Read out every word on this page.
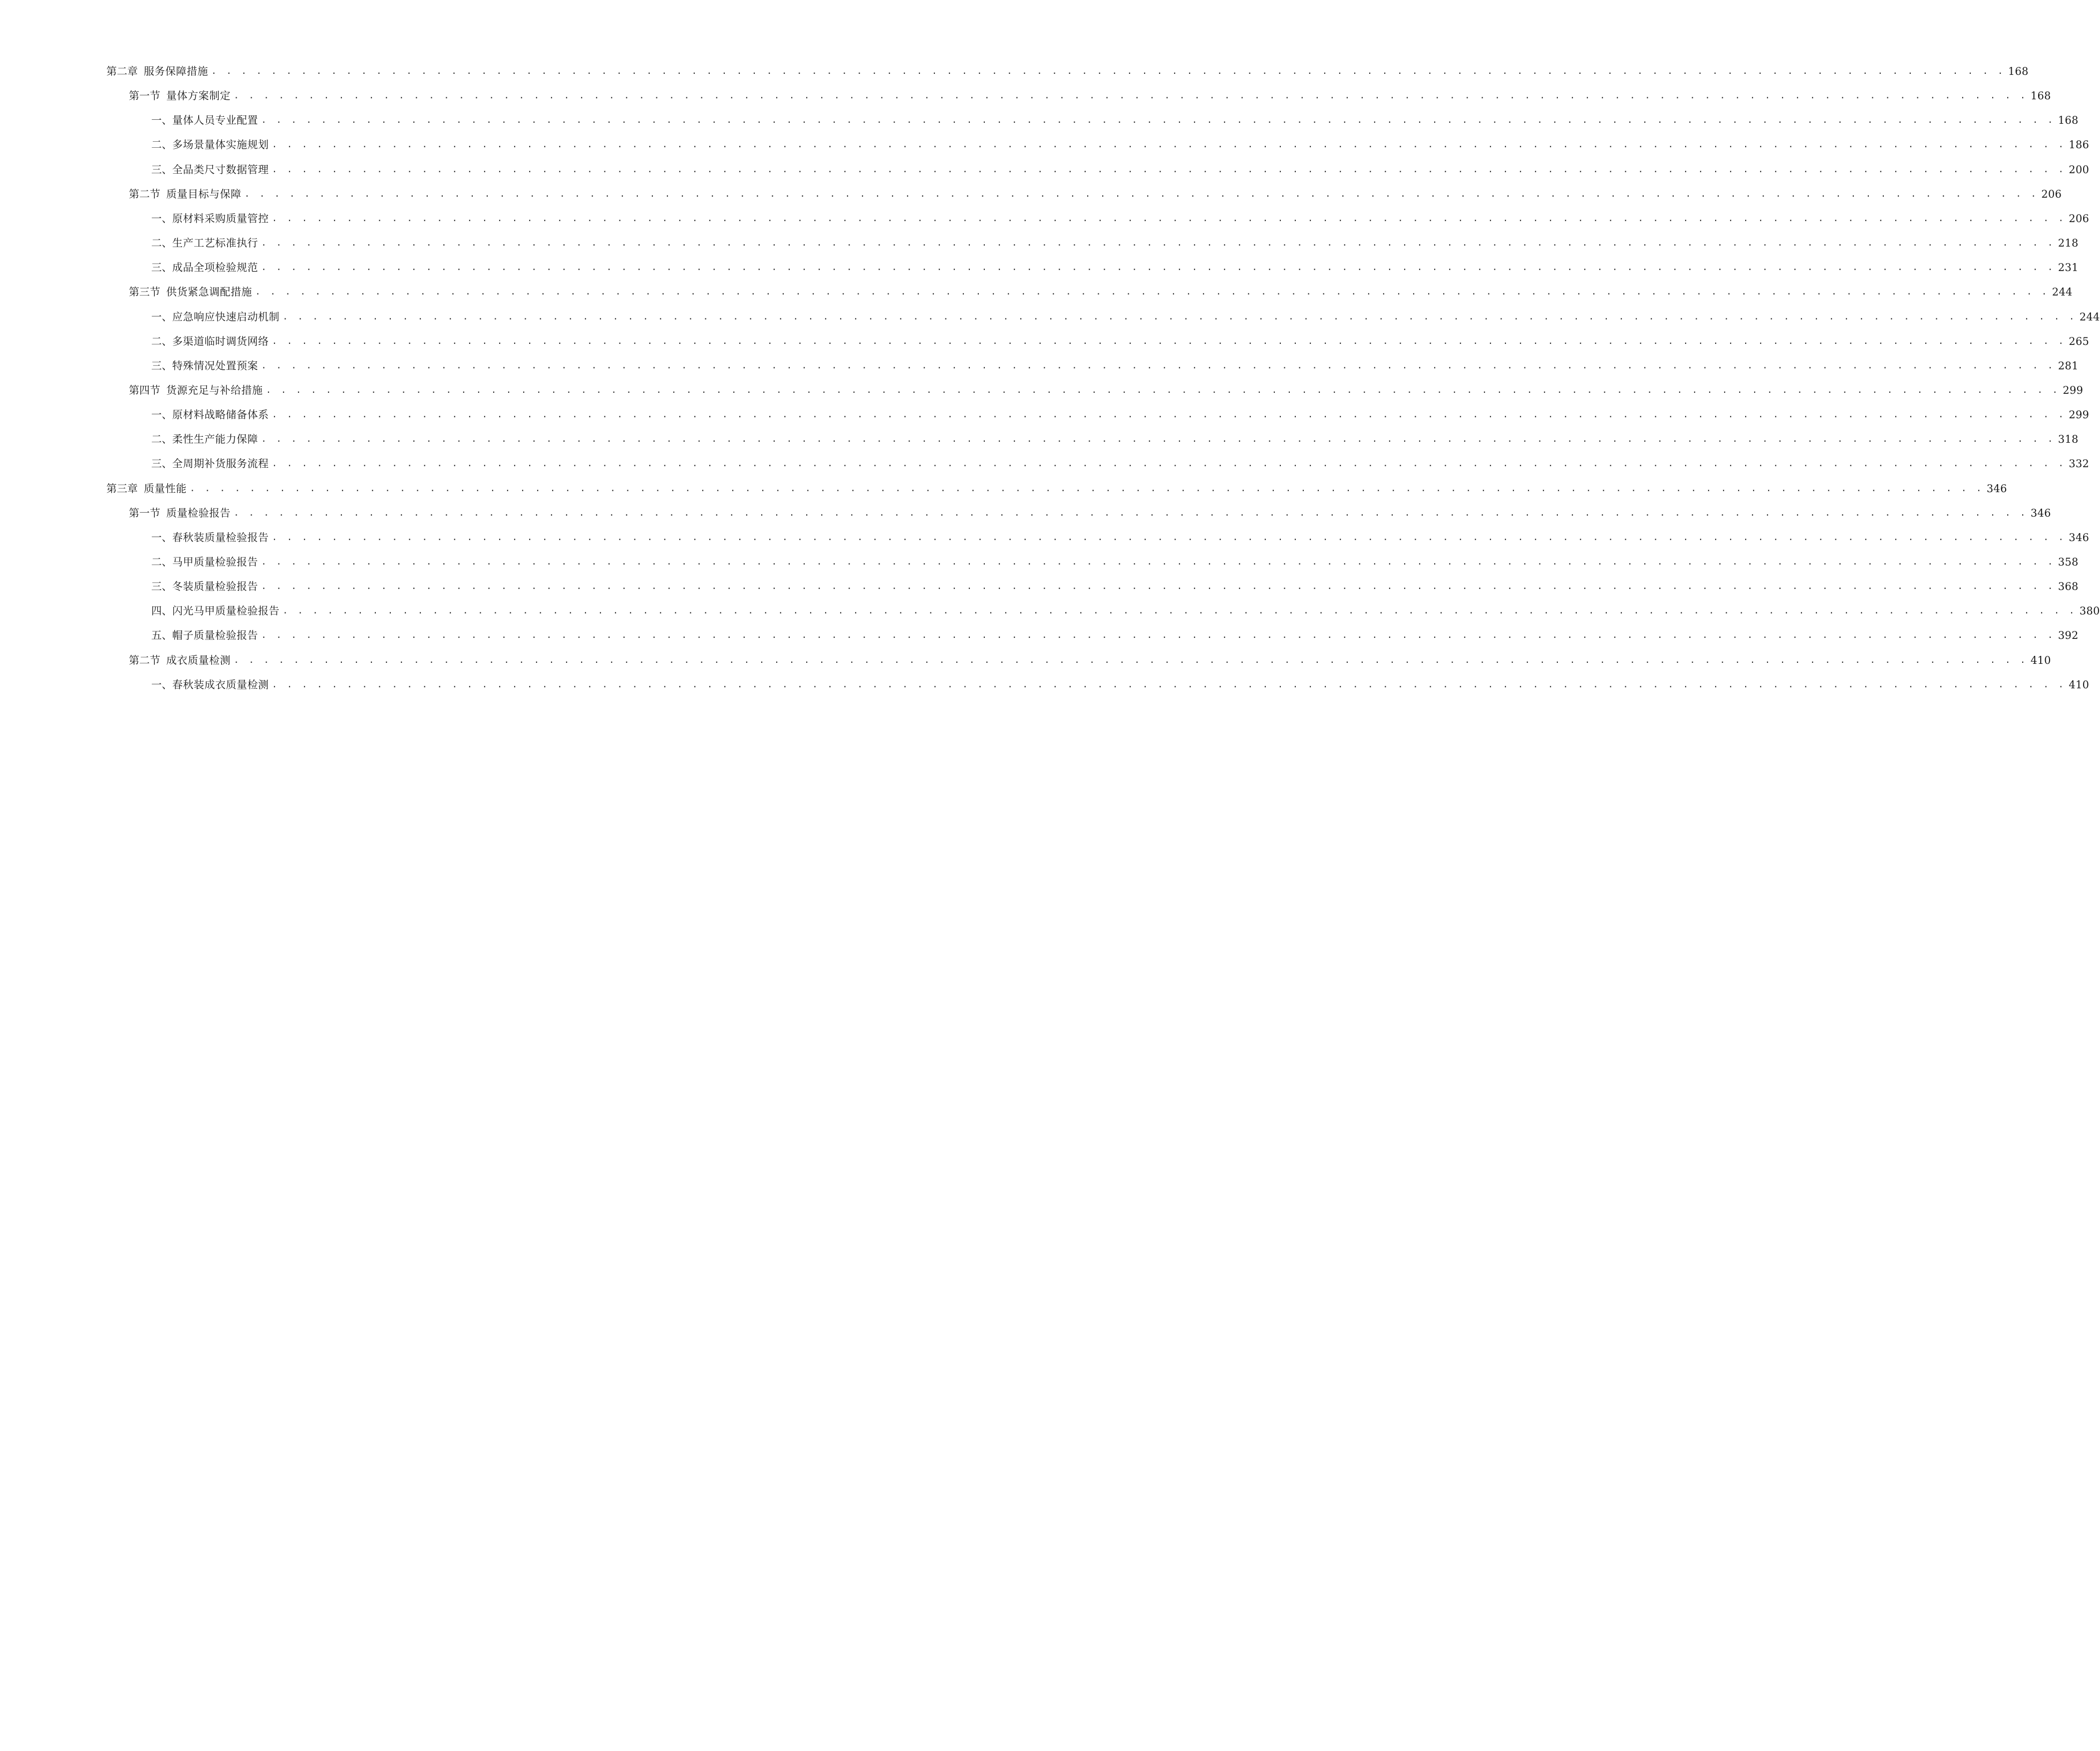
第二章 服务保障措施 . . . . . . . . . . . . . . . . . . . . . . . . . . . . . . . . . . . . . . . . . . . . . . . . . . . . . . . . . . . . . . . . . . . . . . . . . . . . . . . . . . . . . . . . . . . . . . . . . . . . . . . . . . . . . . . . . . . . . . . . 168
第一节 量体方案制定 . . . . . . . . . . . . . . . . . . . . . . . . . . . . . . . . . . . . . . . . . . . . . . . . . . . . . . . . . . . . . . . . . . . . . . . . . . . . . . . . . . . . . . . . . . . . . . . . . . . . . . . . . . . . . . . . . . . . . . . . 168
一、 量体人员专业配置 . . . . . . . . . . . . . . . . . . . . . . . . . . . . . . . . . . . . . . . . . . . . . . . . . . . . . . . . . . . . . . . . . . . . . . . . . . . . . . . . . . . . . . . . . . . . . . . . . . . . . . . . . . . . . . . . . . . . . . . . 168
二、 多场景量体实施规划 . . . . . . . . . . . . . . . . . . . . . . . . . . . . . . . . . . . . . . . . . . . . . . . . . . . . . . . . . . . . . . . . . . . . . . . . . . . . . . . . . . . . . . . . . . . . . . . . . . . . . . . . . . . . . . . . . . . . . . . . 186
三、 全品类尺寸数据管理 . . . . . . . . . . . . . . . . . . . . . . . . . . . . . . . . . . . . . . . . . . . . . . . . . . . . . . . . . . . . . . . . . . . . . . . . . . . . . . . . . . . . . . . . . . . . . . . . . . . . . . . . . . . . . . . . . . . . . . . . 200
第二节 质量目标与保障 . . . . . . . . . . . . . . . . . . . . . . . . . . . . . . . . . . . . . . . . . . . . . . . . . . . . . . . . . . . . . . . . . . . . . . . . . . . . . . . . . . . . . . . . . . . . . . . . . . . . . . . . . . . . . . . . . . . . . . . . 206
一、 原材料采购质量管控 . . . . . . . . . . . . . . . . . . . . . . . . . . . . . . . . . . . . . . . . . . . . . . . . . . . . . . . . . . . . . . . . . . . . . . . . . . . . . . . . . . . . . . . . . . . . . . . . . . . . . . . . . . . . . . . . . . . . . . . . 206
二、 生产工艺标准执行 . . . . . . . . . . . . . . . . . . . . . . . . . . . . . . . . . . . . . . . . . . . . . . . . . . . . . . . . . . . . . . . . . . . . . . . . . . . . . . . . . . . . . . . . . . . . . . . . . . . . . . . . . . . . . . . . . . . . . . . . 218
三、 成品全项检验规范 . . . . . . . . . . . . . . . . . . . . . . . . . . . . . . . . . . . . . . . . . . . . . . . . . . . . . . . . . . . . . . . . . . . . . . . . . . . . . . . . . . . . . . . . . . . . . . . . . . . . . . . . . . . . . . . . . . . . . . . . 231
第三节 供货紧急调配措施 . . . . . . . . . . . . . . . . . . . . . . . . . . . . . . . . . . . . . . . . . . . . . . . . . . . . . . . . . . . . . . . . . . . . . . . . . . . . . . . . . . . . . . . . . . . . . . . . . . . . . . . . . . . . . . . . . . . . . . . . 244
一、 应急响应快速启动机制 . . . . . . . . . . . . . . . . . . . . . . . . . . . . . . . . . . . . . . . . . . . . . . . . . . . . . . . . . . . . . . . . . . . . . . . . . . . . . . . . . . . . . . . . . . . . . . . . . . . . . . . . . . . . . . . . . . . . . . . . 244
二、 多渠道临时调货网络 . . . . . . . . . . . . . . . . . . . . . . . . . . . . . . . . . . . . . . . . . . . . . . . . . . . . . . . . . . . . . . . . . . . . . . . . . . . . . . . . . . . . . . . . . . . . . . . . . . . . . . . . . . . . . . . . . . . . . . . . 265
三、 特殊情况处置预案 . . . . . . . . . . . . . . . . . . . . . . . . . . . . . . . . . . . . . . . . . . . . . . . . . . . . . . . . . . . . . . . . . . . . . . . . . . . . . . . . . . . . . . . . . . . . . . . . . . . . . . . . . . . . . . . . . . . . . . . . 281
第四节 货源充足与补给措施 . . . . . . . . . . . . . . . . . . . . . . . . . . . . . . . . . . . . . . . . . . . . . . . . . . . . . . . . . . . . . . . . . . . . . . . . . . . . . . . . . . . . . . . . . . . . . . . . . . . . . . . . . . . . . . . . . . . . . . . . 299
一、 原材料战略储备体系 . . . . . . . . . . . . . . . . . . . . . . . . . . . . . . . . . . . . . . . . . . . . . . . . . . . . . . . . . . . . . . . . . . . . . . . . . . . . . . . . . . . . . . . . . . . . . . . . . . . . . . . . . . . . . . . . . . . . . . . . 299
二、 柔性生产能力保障 . . . . . . . . . . . . . . . . . . . . . . . . . . . . . . . . . . . . . . . . . . . . . . . . . . . . . . . . . . . . . . . . . . . . . . . . . . . . . . . . . . . . . . . . . . . . . . . . . . . . . . . . . . . . . . . . . . . . . . . . 318
三、 全周期补货服务流程 . . . . . . . . . . . . . . . . . . . . . . . . . . . . . . . . . . . . . . . . . . . . . . . . . . . . . . . . . . . . . . . . . . . . . . . . . . . . . . . . . . . . . . . . . . . . . . . . . . . . . . . . . . . . . . . . . . . . . . . . 332
第三章 质量性能 . . . . . . . . . . . . . . . . . . . . . . . . . . . . . . . . . . . . . . . . . . . . . . . . . . . . . . . . . . . . . . . . . . . . . . . . . . . . . . . . . . . . . . . . . . . . . . . . . . . . . . . . . . . . . . . . . . . . . . . . 346
第一节 质量检验报告 . . . . . . . . . . . . . . . . . . . . . . . . . . . . . . . . . . . . . . . . . . . . . . . . . . . . . . . . . . . . . . . . . . . . . . . . . . . . . . . . . . . . . . . . . . . . . . . . . . . . . . . . . . . . . . . . . . . . . . . . 346
一、 春秋装质量检验报告 . . . . . . . . . . . . . . . . . . . . . . . . . . . . . . . . . . . . . . . . . . . . . . . . . . . . . . . . . . . . . . . . . . . . . . . . . . . . . . . . . . . . . . . . . . . . . . . . . . . . . . . . . . . . . . . . . . . . . . . . 346
二、 马甲质量检验报告 . . . . . . . . . . . . . . . . . . . . . . . . . . . . . . . . . . . . . . . . . . . . . . . . . . . . . . . . . . . . . . . . . . . . . . . . . . . . . . . . . . . . . . . . . . . . . . . . . . . . . . . . . . . . . . . . . . . . . . . . 358
三、 冬装质量检验报告 . . . . . . . . . . . . . . . . . . . . . . . . . . . . . . . . . . . . . . . . . . . . . . . . . . . . . . . . . . . . . . . . . . . . . . . . . . . . . . . . . . . . . . . . . . . . . . . . . . . . . . . . . . . . . . . . . . . . . . . . 368
四、 闪光马甲质量检验报告 . . . . . . . . . . . . . . . . . . . . . . . . . . . . . . . . . . . . . . . . . . . . . . . . . . . . . . . . . . . . . . . . . . . . . . . . . . . . . . . . . . . . . . . . . . . . . . . . . . . . . . . . . . . . . . . . . . . . . . . . 380
五、 帽子质量检验报告 . . . . . . . . . . . . . . . . . . . . . . . . . . . . . . . . . . . . . . . . . . . . . . . . . . . . . . . . . . . . . . . . . . . . . . . . . . . . . . . . . . . . . . . . . . . . . . . . . . . . . . . . . . . . . . . . . . . . . . . . 392
第二节 成衣质量检测 . . . . . . . . . . . . . . . . . . . . . . . . . . . . . . . . . . . . . . . . . . . . . . . . . . . . . . . . . . . . . . . . . . . . . . . . . . . . . . . . . . . . . . . . . . . . . . . . . . . . . . . . . . . . . . . . . . . . . . . . 410
一、 春秋装成衣质量检测 . . . . . . . . . . . . . . . . . . . . . . . . . . . . . . . . . . . . . . . . . . . . . . . . . . . . . . . . . . . . . . . . . . . . . . . . . . . . . . . . . . . . . . . . . . . . . . . . . . . . . . . . . . . . . . . . . . . . . . . . 410
